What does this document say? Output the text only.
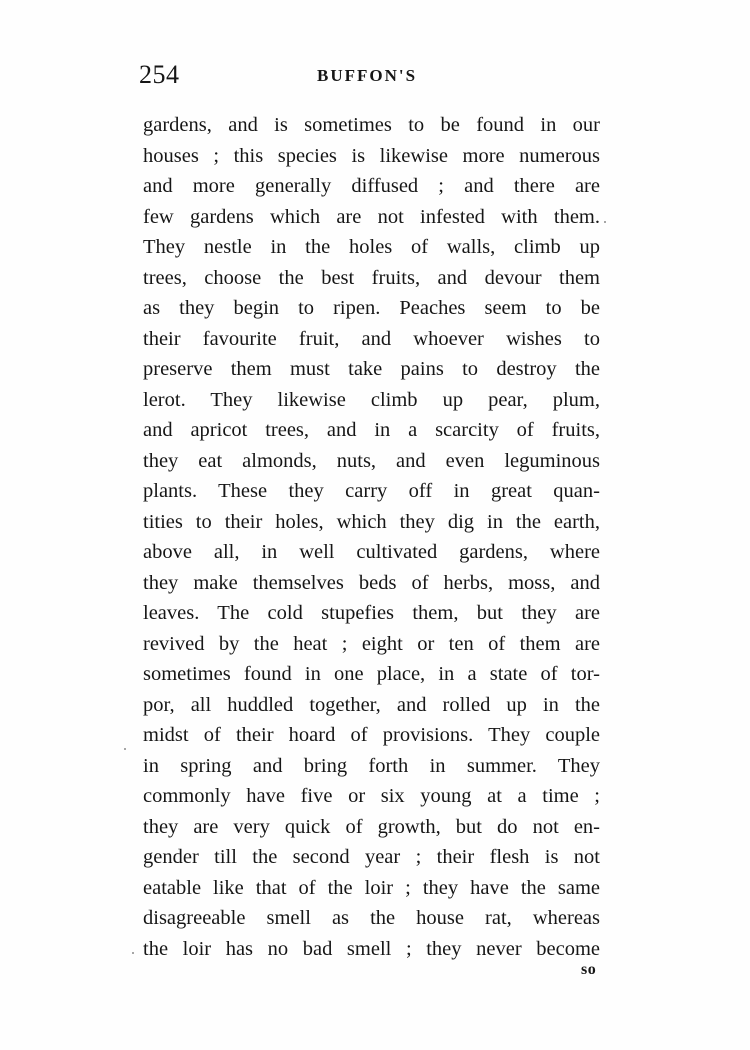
254	BUFFON'S
gardens, and is sometimes to be found in our
houses ; this species is likewise more numerous
and more generally diffused ; and there are
few gardens which are not infested with them.
They nestle in the holes of walls, climb up
trees, choose the best fruits, and devour them
as they begin to ripen. Peaches seem to be
their favourite fruit, and whoever wishes to
preserve them must take pains to destroy the
lerot. They likewise climb up pear, plum,
and apricot trees, and in a scarcity of fruits,
they eat almonds, nuts, and even leguminous
plants. These they carry off in great quan-
tities to their holes, which they dig in the earth,
above all, in well cultivated gardens, where
they make themselves beds of herbs, moss, and
leaves. The cold stupefies them, but they are
revived by the heat ; eight or ten of them are
sometimes found in one place, in a state of tor-
por, all huddled together, and rolled up in the
midst of their hoard of provisions. They couple
in spring and bring forth in summer. They
commonly have five or six young at a time ;
they are very quick of growth, but do not en-
gender till the second year ; their flesh is not
eatable like that of the loir ; they have the same
disagreeable smell as the house rat, whereas
the loir has no bad smell ; they never become
so
